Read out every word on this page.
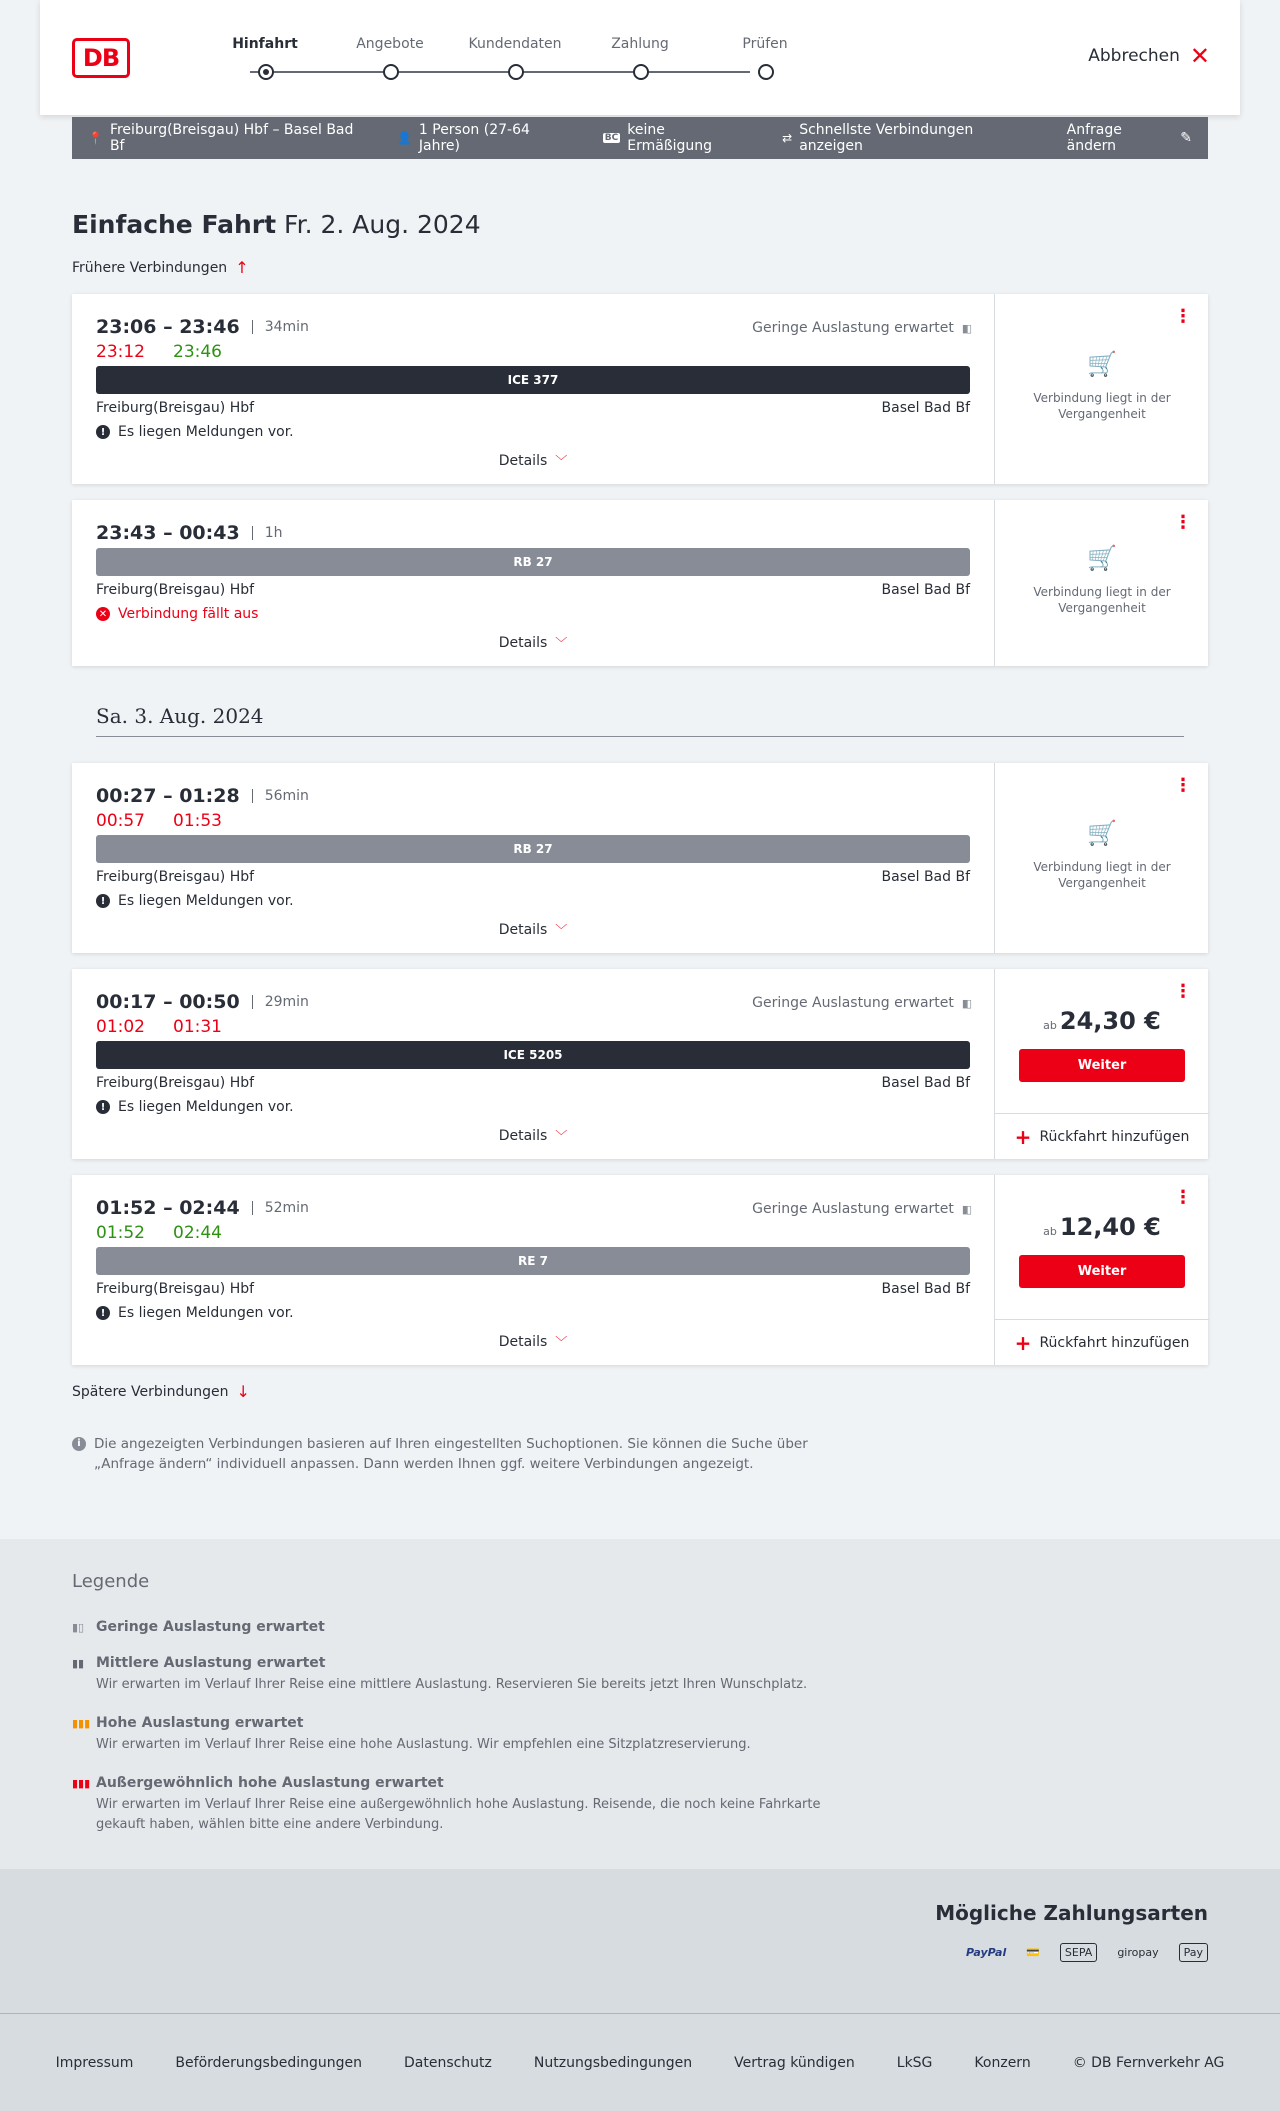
DB	Hinfahrt	Angebote	Kundendaten	Zahlung	Prüfen
Abbrechen ✕
📍 Freiburg(Breisgau) Hbf – Basel Bad Bf	👤 1 Person (27-64 Jahre)	BC keine Ermäßigung	⇄ Schnellste Verbindungen anzeigen
Anfrage ändern	✎
Einfache Fahrt Fr. 2. Aug. 2024
Frühere Verbindungen ↑
23:06 – 23:46	34min
23:12 23:46
Geringe Auslastung erwartet ▮▯
ICE 377
Freiburg(Breisgau) Hbf	Basel Bad Bf
! Es liegen Meldungen vor.
Details ﹀
⋮
🛒
Verbindung liegt in der Vergangenheit
23:43 – 00:43	1h
RB 27
Freiburg(Breisgau) Hbf	Basel Bad Bf
✕ Verbindung fällt aus
Details ﹀
⋮
🛒
Verbindung liegt in der Vergangenheit
Sa. 3. Aug. 2024
00:27 – 01:28	56min
00:57 01:53
RB 27
Freiburg(Breisgau) Hbf	Basel Bad Bf
! Es liegen Meldungen vor.
Details ﹀
⋮
🛒
Verbindung liegt in der Vergangenheit
00:17 – 00:50	29min
01:02 01:31
Geringe Auslastung erwartet ▮▯
ICE 5205
Freiburg(Breisgau) Hbf	Basel Bad Bf
! Es liegen Meldungen vor.
Details ﹀
⋮
ab 24,30 €
Weiter
+ Rückfahrt hinzufügen
01:52 – 02:44	52min
01:52 02:44
Geringe Auslastung erwartet ▮▯
RE 7
Freiburg(Breisgau) Hbf	Basel Bad Bf
! Es liegen Meldungen vor.
Details ﹀
⋮
ab 12,40 €
Weiter
+ Rückfahrt hinzufügen
Spätere Verbindungen ↓
i Die angezeigten Verbindungen basieren auf Ihren eingestellten Suchoptionen. Sie können die Suche über „Anfrage ändern“ individuell anpassen. Dann werden Ihnen ggf. weitere Verbindungen angezeigt.
Legende
▮▯ Geringe Auslastung erwartet
▮▮ Mittlere Auslastung erwartet
Wir erwarten im Verlauf Ihrer Reise eine mittlere Auslastung. Reservieren Sie bereits jetzt Ihren Wunschplatz.
▮▮▮ Hohe Auslastung erwartet
Wir erwarten im Verlauf Ihrer Reise eine hohe Auslastung. Wir empfehlen eine Sitzplatzreservierung.
▮▮▮ Außergewöhnlich hohe Auslastung erwartet
Wir erwarten im Verlauf Ihrer Reise eine außergewöhnlich hohe Auslastung. Reisende, die noch keine Fahrkarte gekauft haben, wählen bitte eine andere Verbindung.
Mögliche Zahlungsarten
PayPal 💳	SEPA	giropay	Pay
Impressum	Beförderungsbedingungen	Datenschutz	Nutzungsbedingungen	Vertrag kündigen	LkSG	Konzern	© DB Fernverkehr AG
